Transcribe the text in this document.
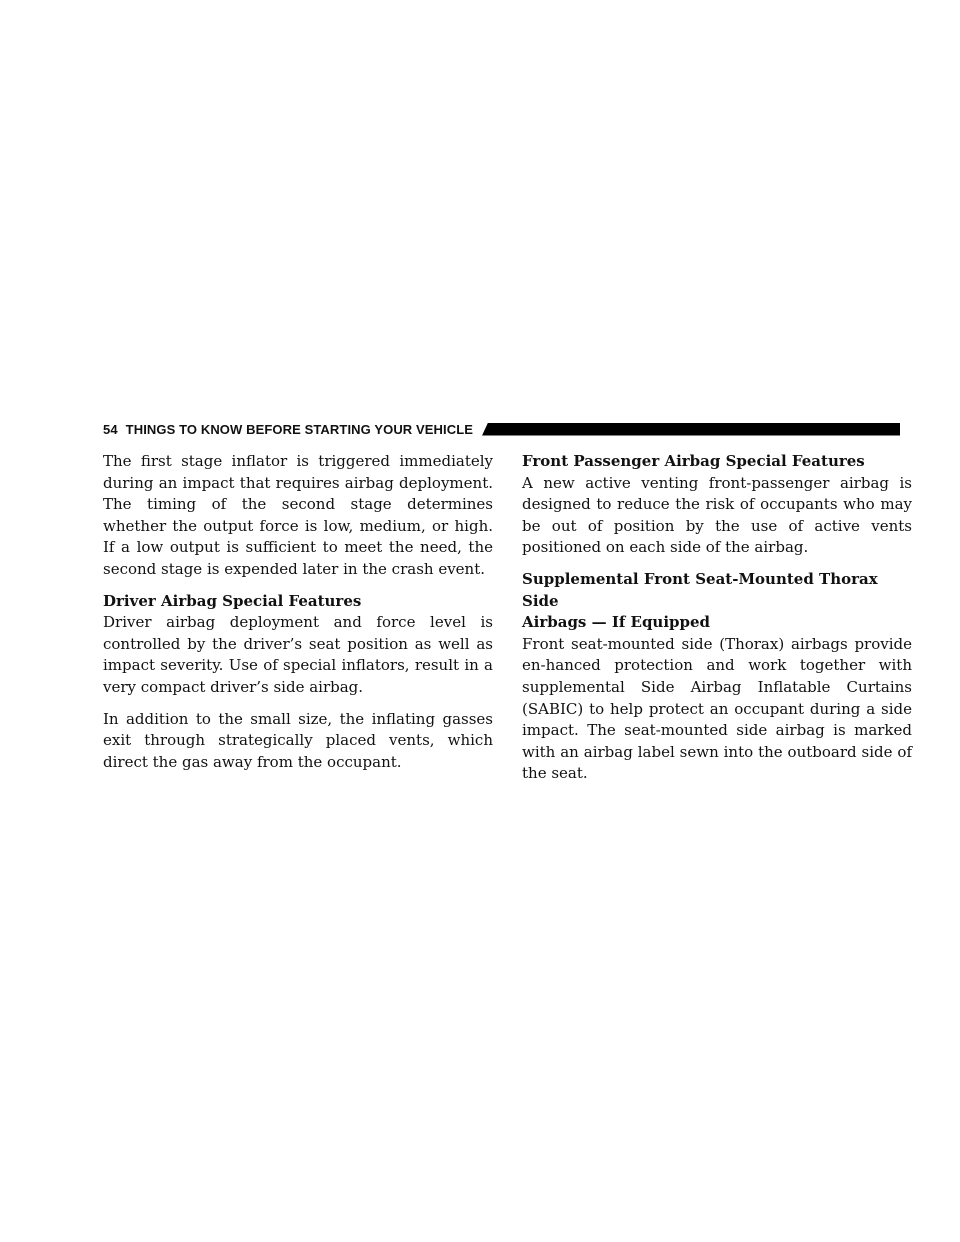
54 THINGS TO KNOW BEFORE STARTING YOUR VEHICLE

The first stage inflator is triggered immediately during an impact that requires airbag deployment. The timing of the second stage determines whether the output force is low, medium, or high. If a low output is sufficient to meet the need, the second stage is expended later in the crash event.

Driver Airbag Special Features

Driver airbag deployment and force level is controlled by the driver’s seat position as well as impact severity. Use of special inflators, result in a very compact driver’s side airbag.

In addition to the small size, the inflating gasses exit through strategically placed vents, which direct the gas away from the occupant.

Front Passenger Airbag Special Features

A new active venting front-passenger airbag is designed to reduce the risk of occupants who may be out of position by the use of active vents positioned on each side of the airbag.

Supplemental Front Seat-Mounted Thorax Side
Airbags — If Equipped

Front seat-mounted side (Thorax) airbags provide en-hanced protection and work together with supplemental Side Airbag Inflatable Curtains (SABIC) to help protect an occupant during a side impact. The seat-mounted side airbag is marked with an airbag label sewn into the outboard side of the seat.
